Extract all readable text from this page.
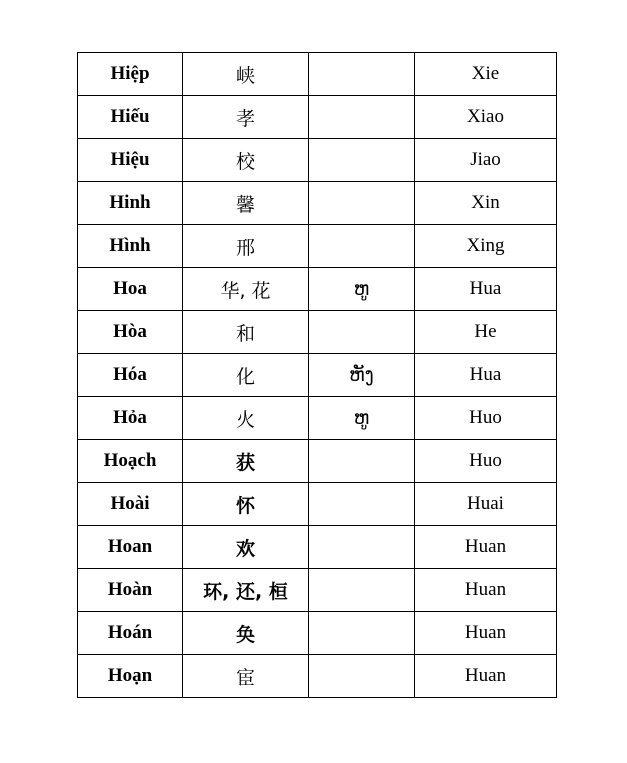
Hiệp	峡		Xie
Hiếu	孝		Xiao
Hiệu	校		Jiao
Hinh	馨		Xin
Hình	邢		Xing
Hoa	华, 花	ຫູ	Hua
Hòa	和		He
Hóa	化	ຫັງ	Hua
Hỏa	火	ຫູ	Huo
Hoạch	获		Huo
Hoài	怀		Huai
Hoan	欢		Huan
Hoàn	环, 还, 桓		Huan
Hoán	奂		Huan
Hoạn	宦		Huan
